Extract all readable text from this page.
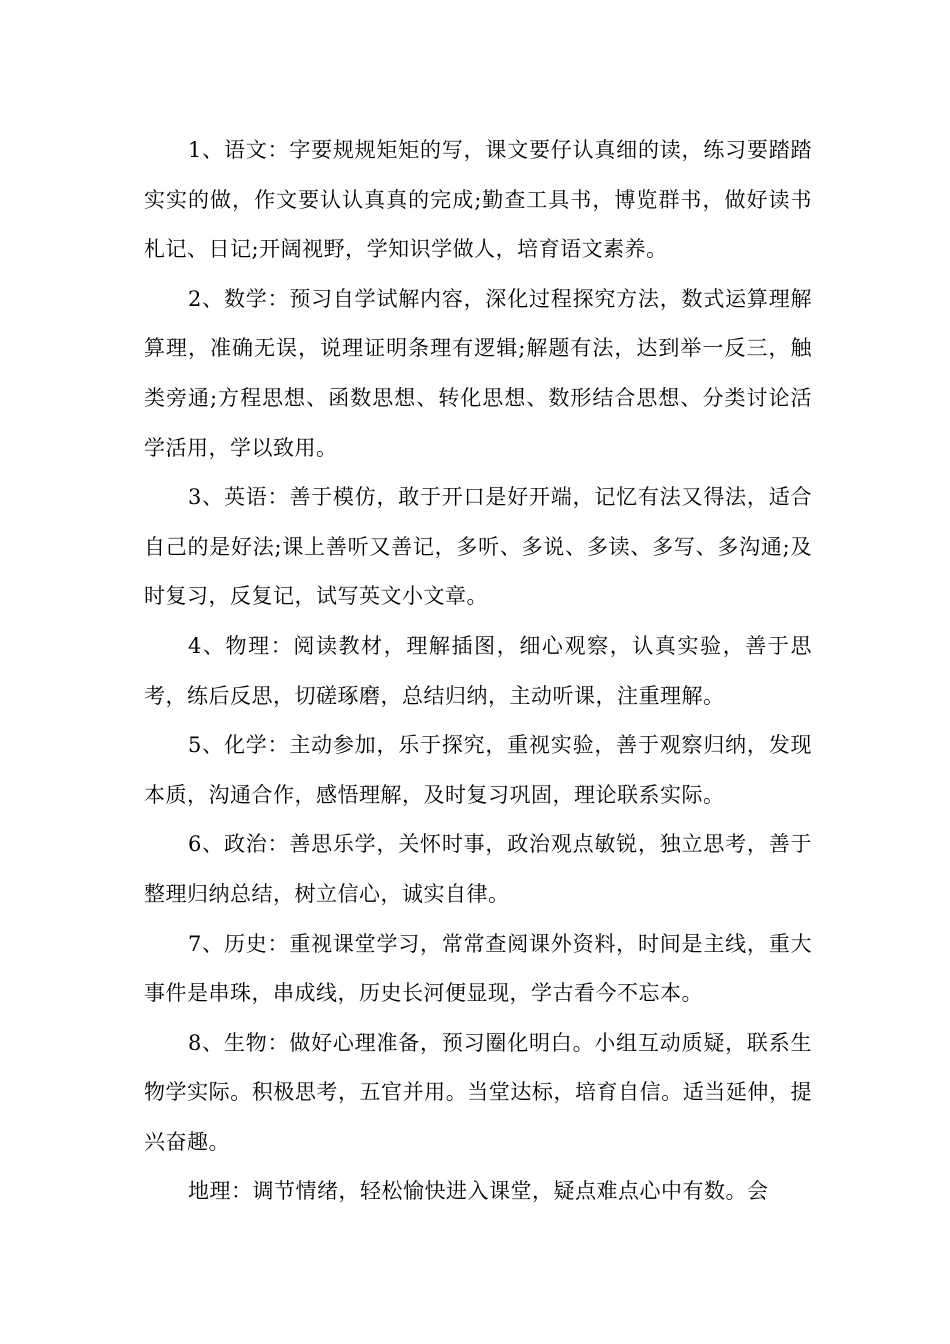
1、语文：字要规规矩矩的写，课文要仔认真细的读，练习要踏踏实实的做，作文要认认真真的完成;勤查工具书，博览群书，做好读书札记、日记;开阔视野，学知识学做人，培育语文素养。

2、数学：预习自学试解内容，深化过程探究方法，数式运算理解算理，准确无误，说理证明条理有逻辑;解题有法，达到举一反三，触类旁通;方程思想、函数思想、转化思想、数形结合思想、分类讨论活学活用，学以致用。

3、英语：善于模仿，敢于开口是好开端，记忆有法又得法，适合自己的是好法;课上善听又善记，多听、多说、多读、多写、多沟通;及时复习，反复记，试写英文小文章。

4、物理：阅读教材，理解插图，细心观察，认真实验，善于思考，练后反思，切磋琢磨，总结归纳，主动听课，注重理解。

5、化学：主动参加，乐于探究，重视实验，善于观察归纳，发现本质，沟通合作，感悟理解，及时复习巩固，理论联系实际。

6、政治：善思乐学，关怀时事，政治观点敏锐，独立思考，善于整理归纳总结，树立信心，诚实自律。

7、历史：重视课堂学习，常常查阅课外资料，时间是主线，重大事件是串珠，串成线，历史长河便显现，学古看今不忘本。

8、生物：做好心理准备，预习圈化明白。小组互动质疑，联系生物学实际。积极思考，五官并用。当堂达标，培育自信。适当延伸，提兴奋趣。

地理：调节情绪，轻松愉快进入课堂，疑点难点心中有数。会
